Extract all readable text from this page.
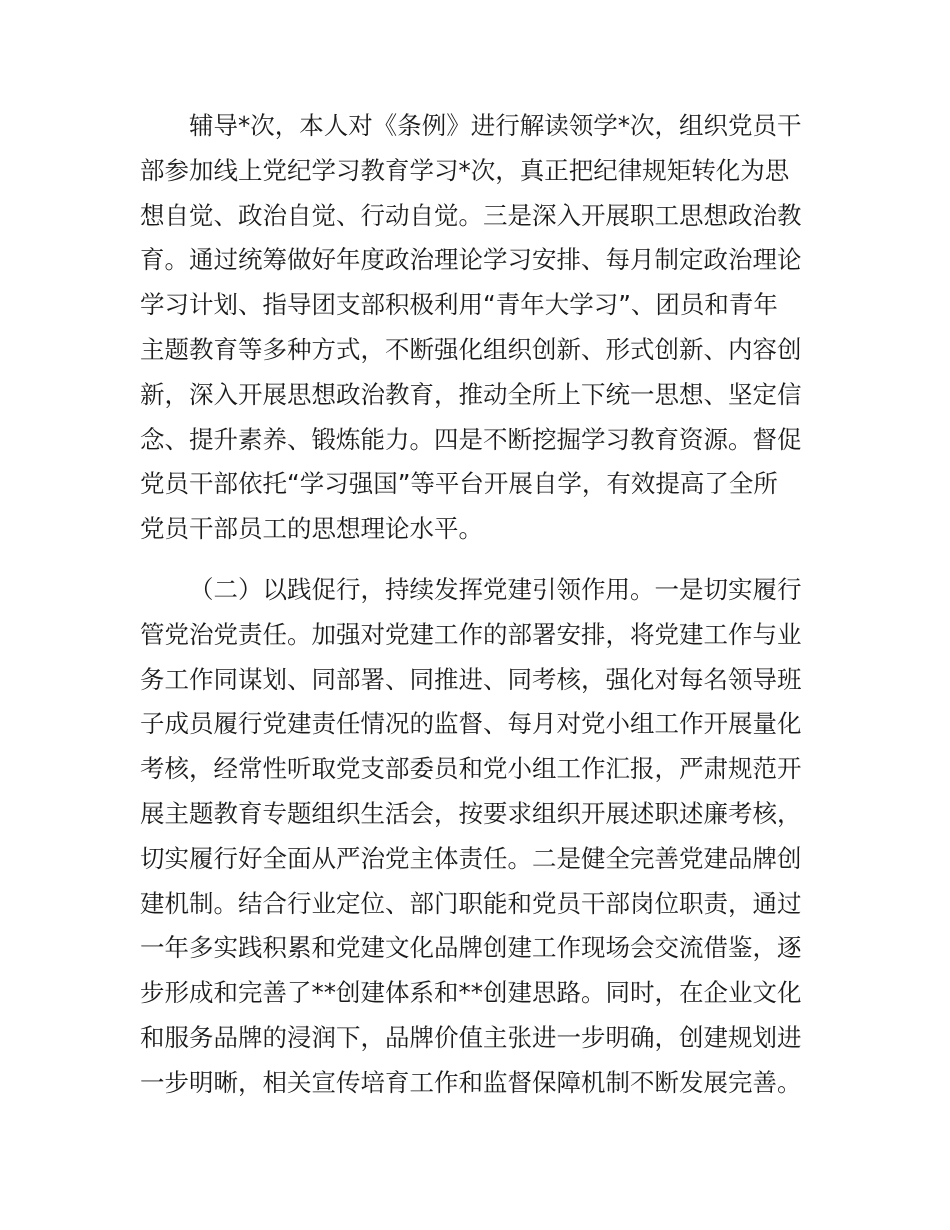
辅导*次，本人对《条例》进行解读领学*次，组织党员干
部参加线上党纪学习教育学习*次，真正把纪律规矩转化为思
想自觉、政治自觉、行动自觉。三是深入开展职工思想政治教
育。通过统筹做好年度政治理论学习安排、每月制定政治理论
学习计划、指导团支部积极利用“青年大学习”、团员和青年
主题教育等多种方式，不断强化组织创新、形式创新、内容创
新，深入开展思想政治教育，推动全所上下统一思想、坚定信
念、提升素养、锻炼能力。四是不断挖掘学习教育资源。督促
党员干部依托“学习强国”等平台开展自学，有效提高了全所
党员干部员工的思想理论水平。
（二）以践促行，持续发挥党建引领作用。一是切实履行
管党治党责任。加强对党建工作的部署安排，将党建工作与业
务工作同谋划、同部署、同推进、同考核，强化对每名领导班
子成员履行党建责任情况的监督、每月对党小组工作开展量化
考核，经常性听取党支部委员和党小组工作汇报，严肃规范开
展主题教育专题组织生活会，按要求组织开展述职述廉考核，
切实履行好全面从严治党主体责任。二是健全完善党建品牌创
建机制。结合行业定位、部门职能和党员干部岗位职责，通过
一年多实践积累和党建文化品牌创建工作现场会交流借鉴，逐
步形成和完善了**创建体系和**创建思路。同时，在企业文化
和服务品牌的浸润下，品牌价值主张进一步明确，创建规划进
一步明晰，相关宣传培育工作和监督保障机制不断发展完善。
